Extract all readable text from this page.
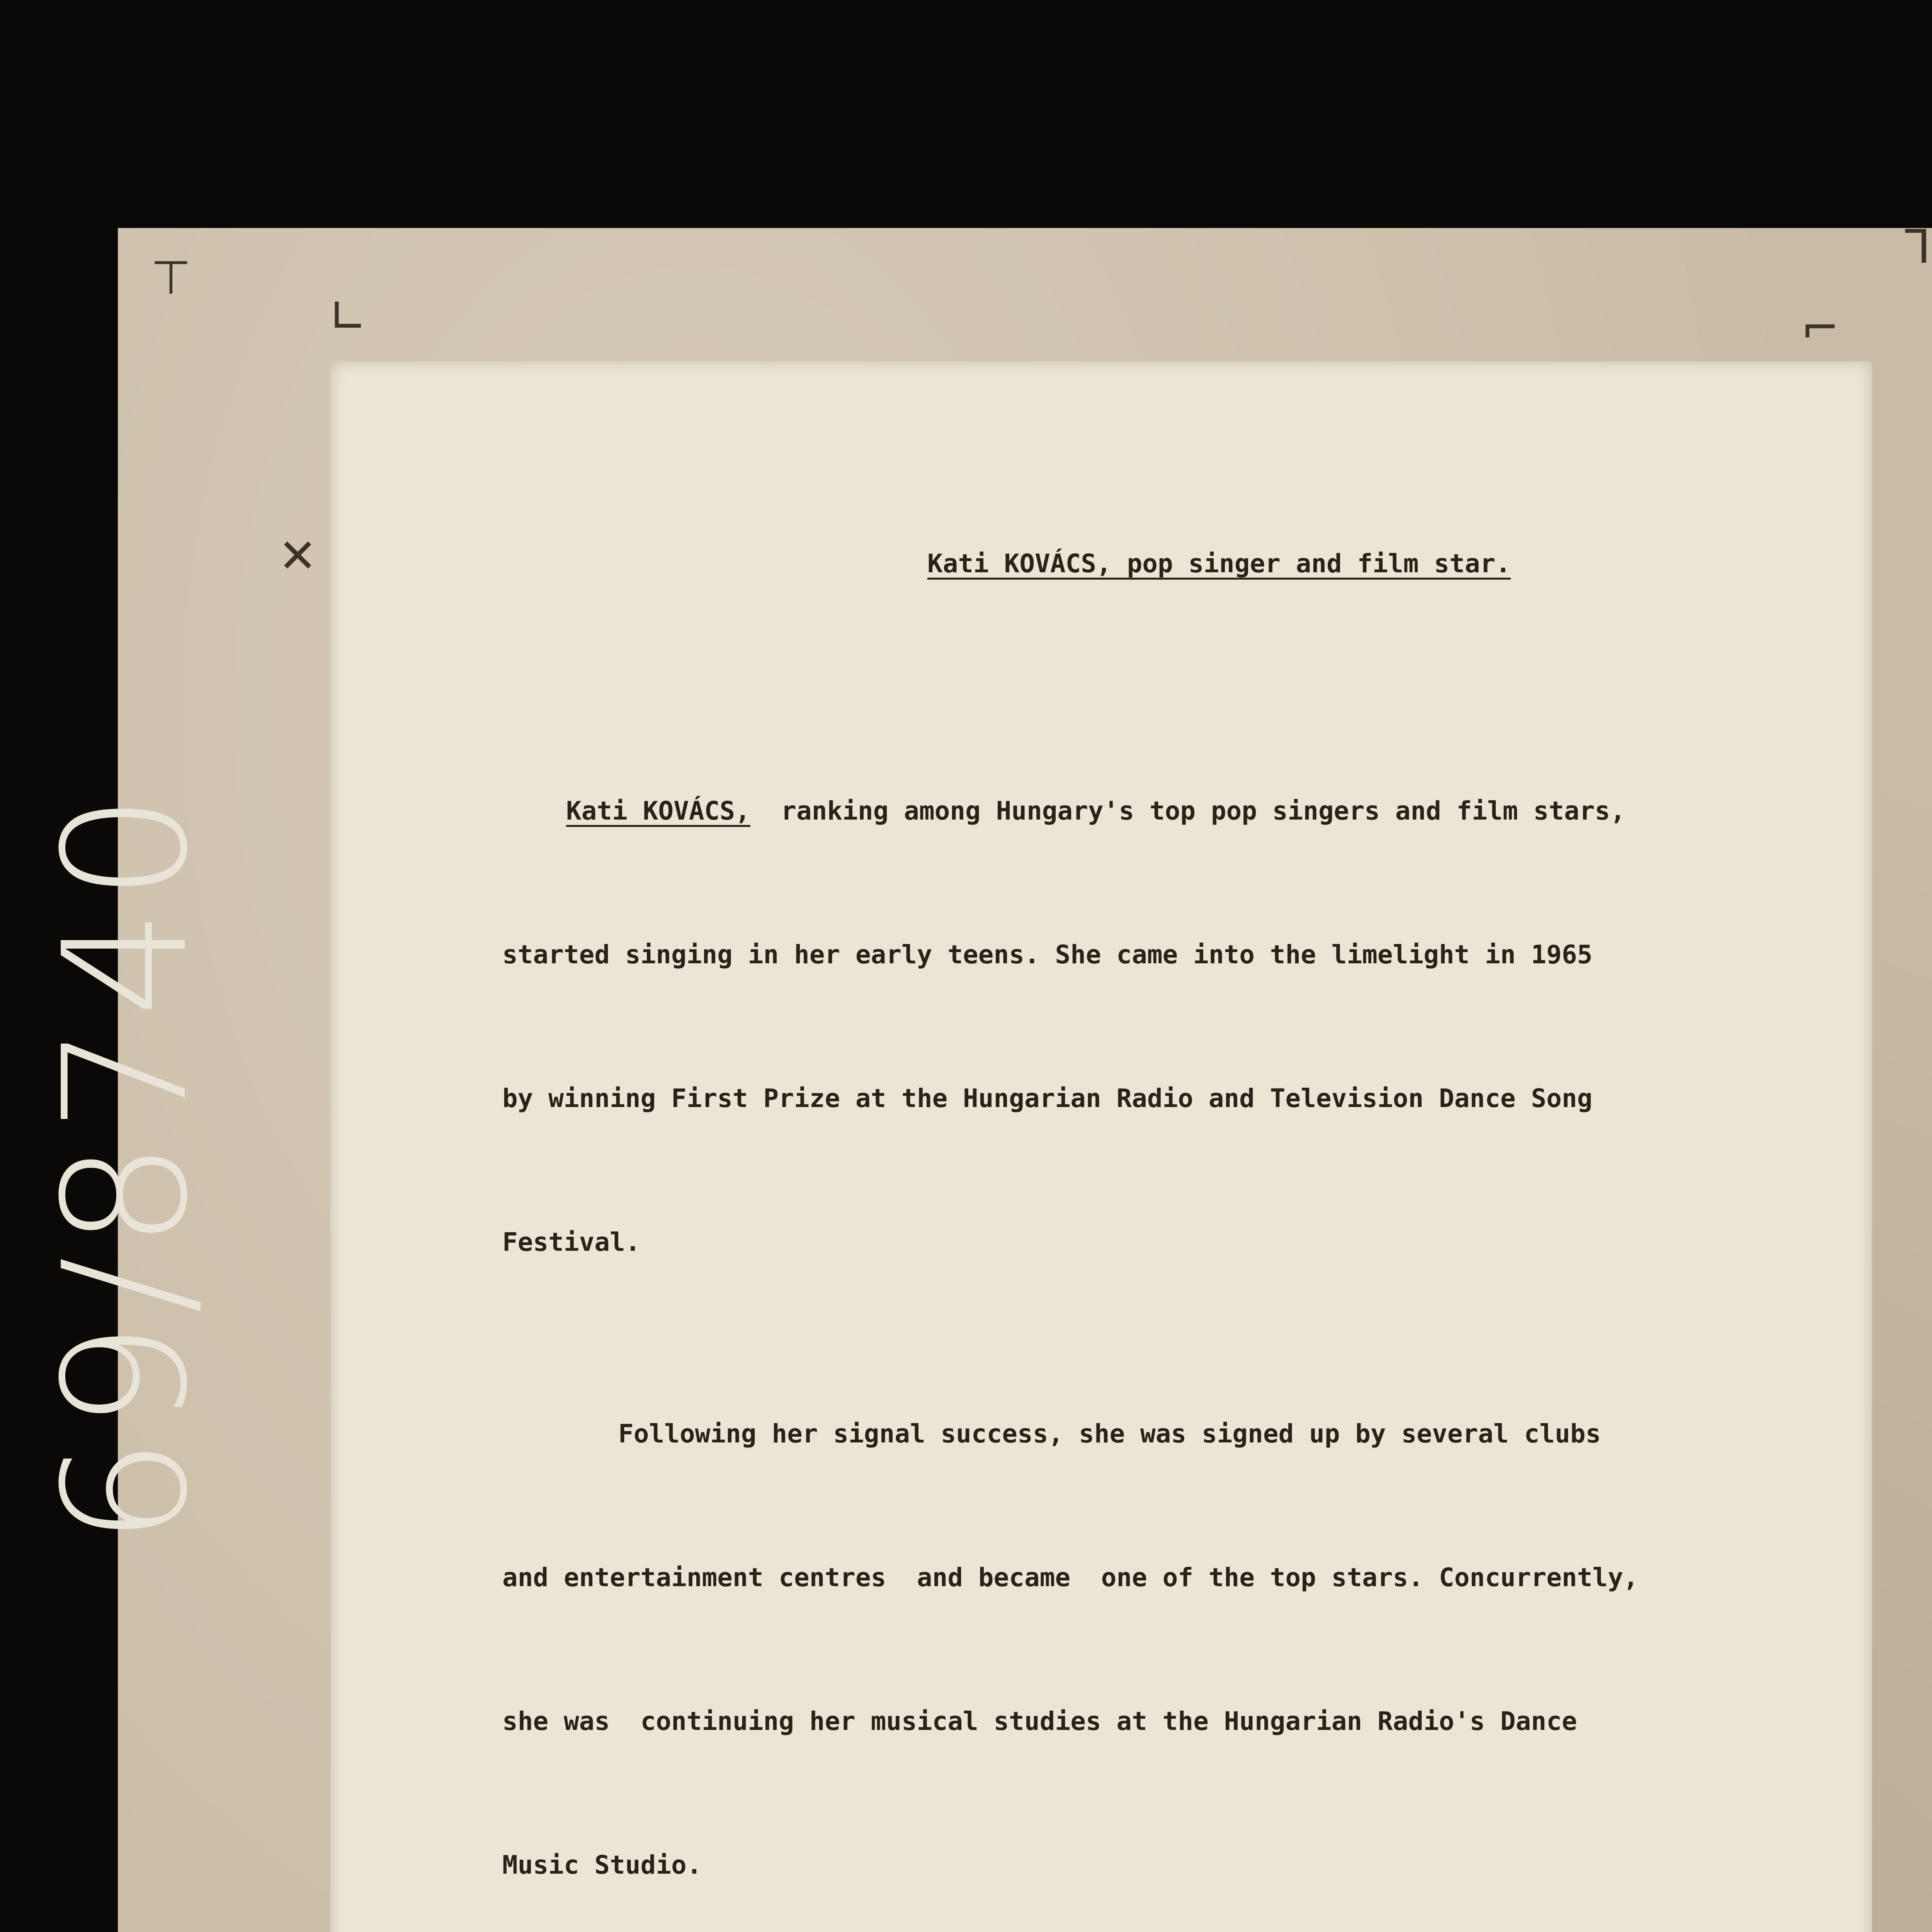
⊤
∟
✕
⌐
⅂
69/8740
Kati KOVÁCS, pop singer and film star.

Kati KOVÁCS,  ranking among Hungary's top pop singers and film stars,

started singing in her early teens. She came into the limelight in 1965

by winning First Prize at the Hungarian Radio and Television Dance Song

Festival.

Following her signal success, she was signed up by several clubs

and entertainment centres  and became  one of the top stars. Concurrently,

she was  continuing her musical studies at the Hungarian Radio's Dance

Music Studio.
